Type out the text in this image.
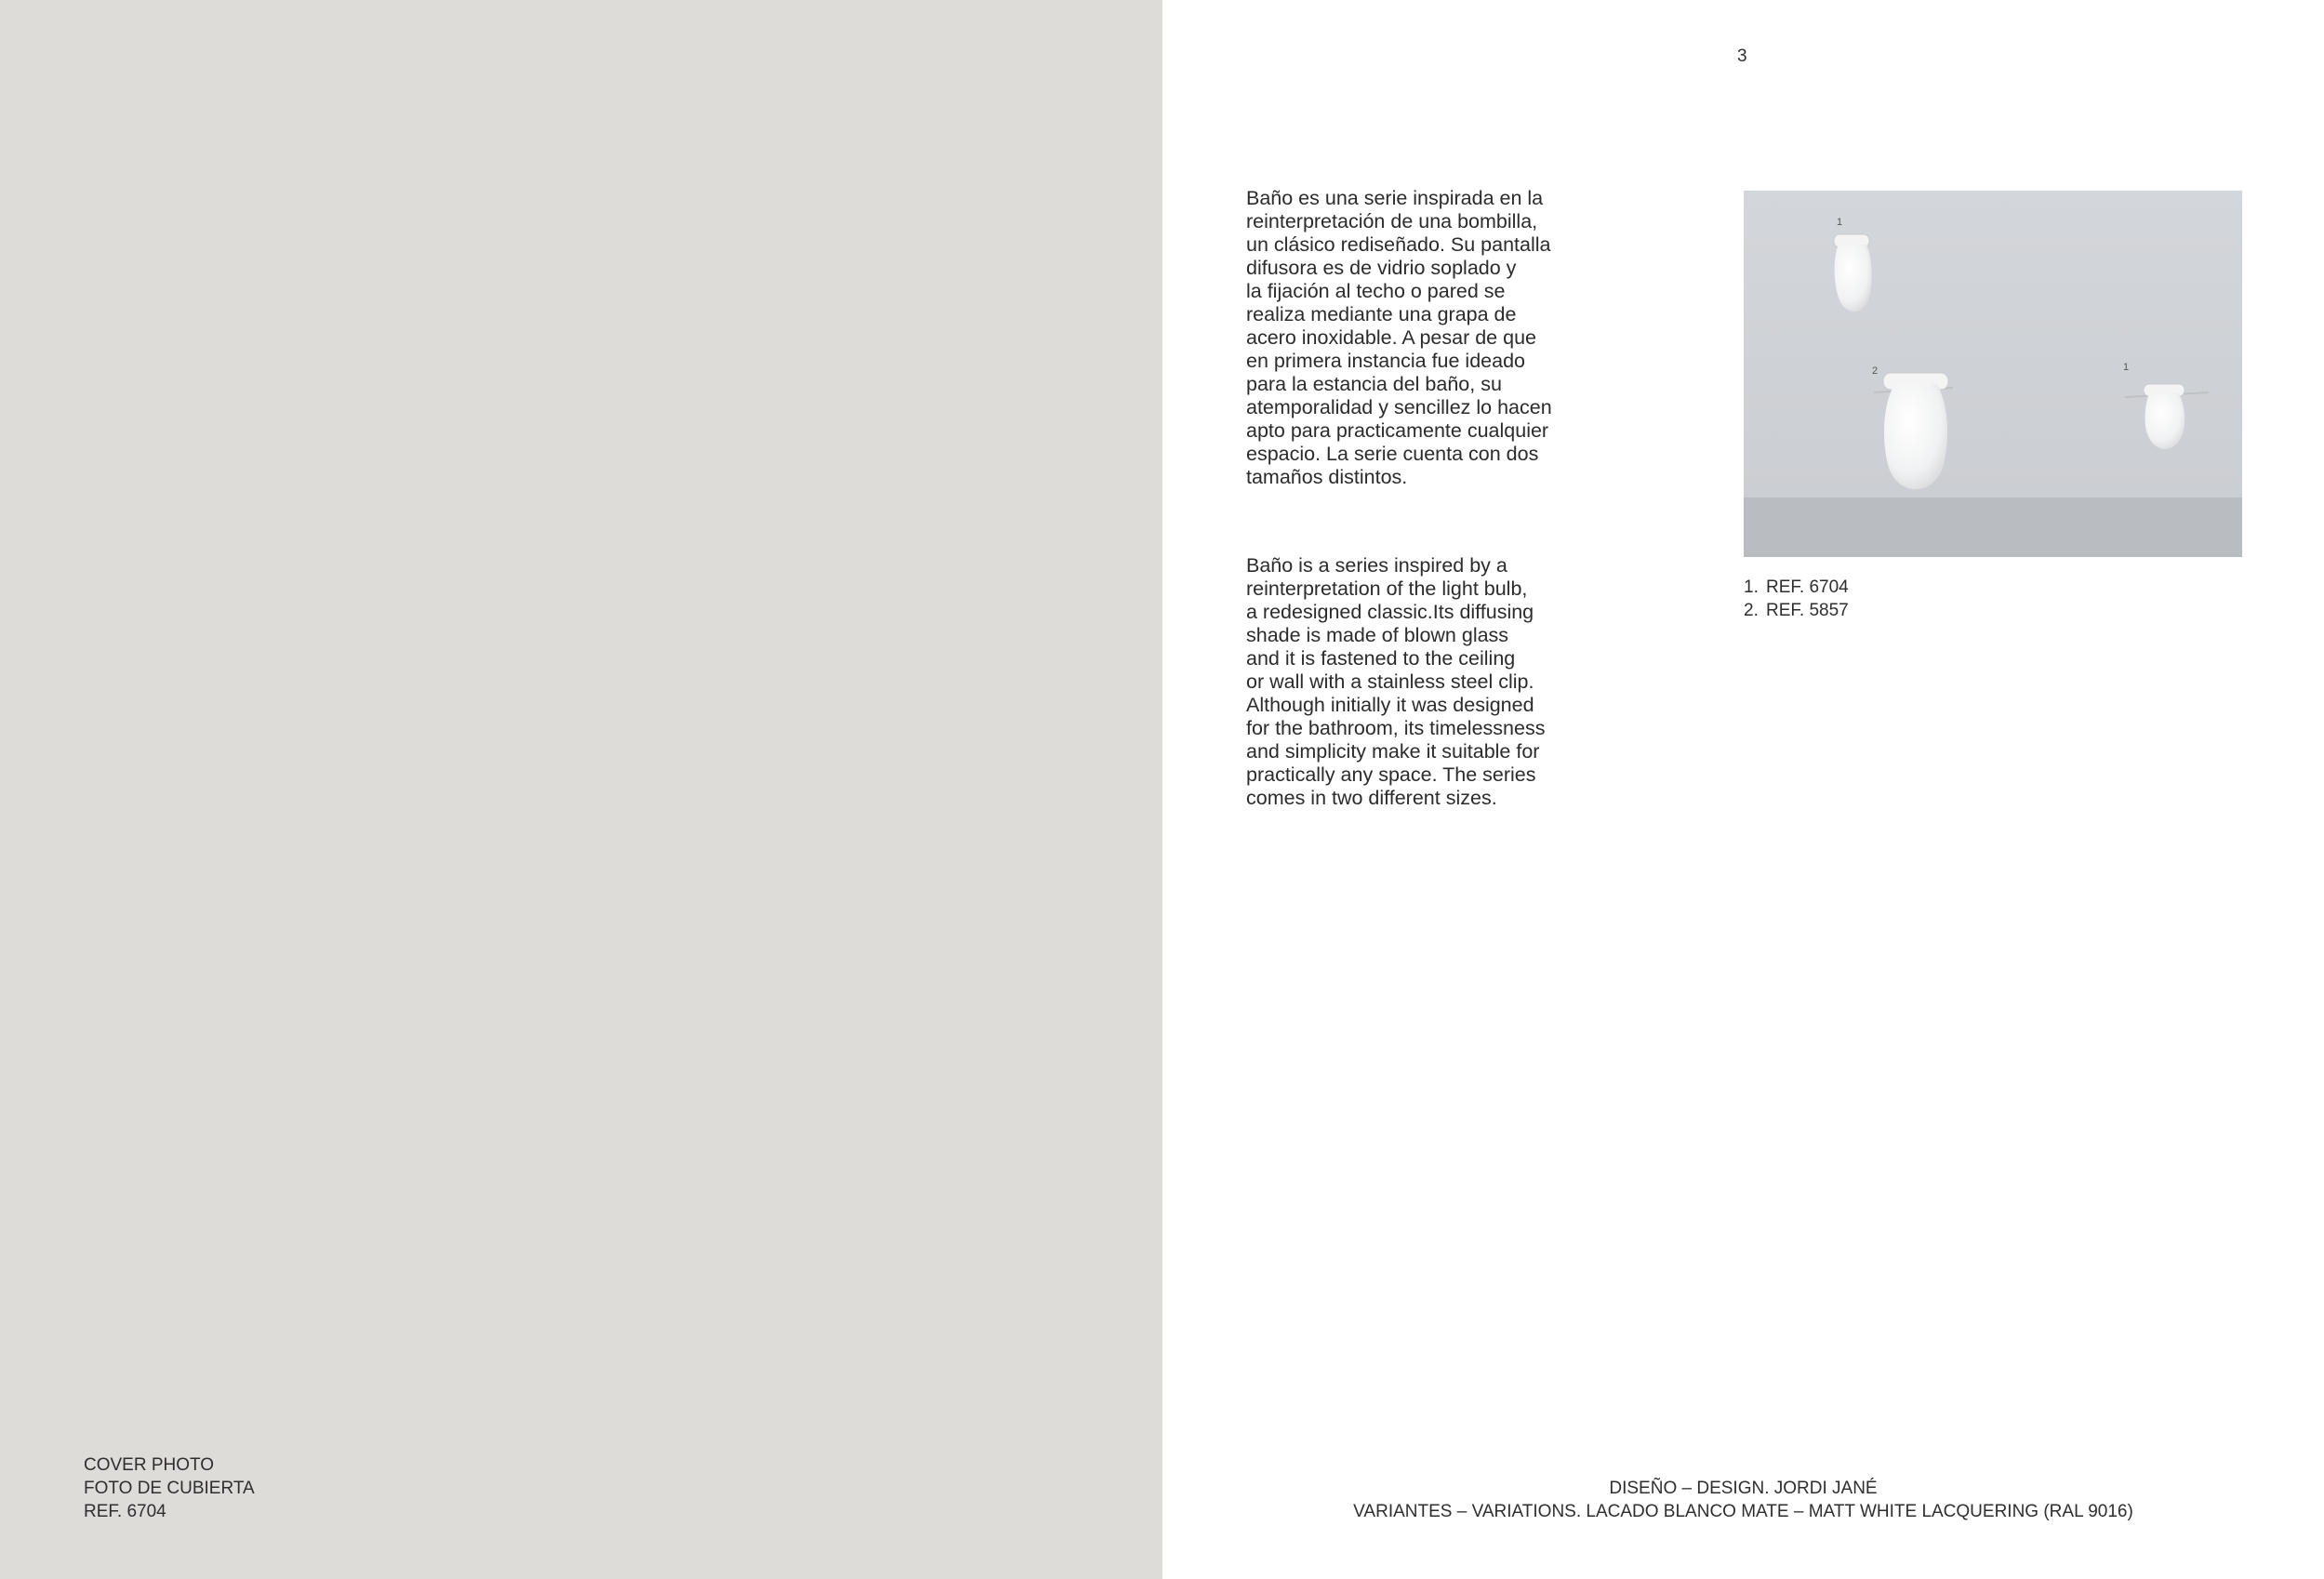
COVER PHOTO
FOTO DE CUBIERTA
REF. 6704
3
Baño es una serie inspirada en la
reinterpretación de una bombilla,
un clásico rediseñado. Su pantalla
difusora es de vidrio soplado y
la fijación al techo o pared se
realiza mediante una grapa de
acero inoxidable. A pesar de que
en primera instancia fue ideado
para la estancia del baño, su
atemporalidad y sencillez lo hacen
apto para practicamente cualquier
espacio. La serie cuenta con dos
tamaños distintos.
Baño is a series inspired by a
reinterpretation of the light bulb,
a redesigned classic.Its diffusing
shade is made of blown glass
and it is fastened to the ceiling
or wall with a stainless steel clip.
Although initially it was designed
for the bathroom, its timelessness
and simplicity make it suitable for
practically any space. The series
comes in two different sizes.
1
2	1
1. REF. 6704
2. REF. 5857
DISEÑO – DESIGN. JORDI JANÉ
VARIANTES – VARIATIONS. LACADO BLANCO MATE – MATT WHITE LACQUERING (RAL 9016)
